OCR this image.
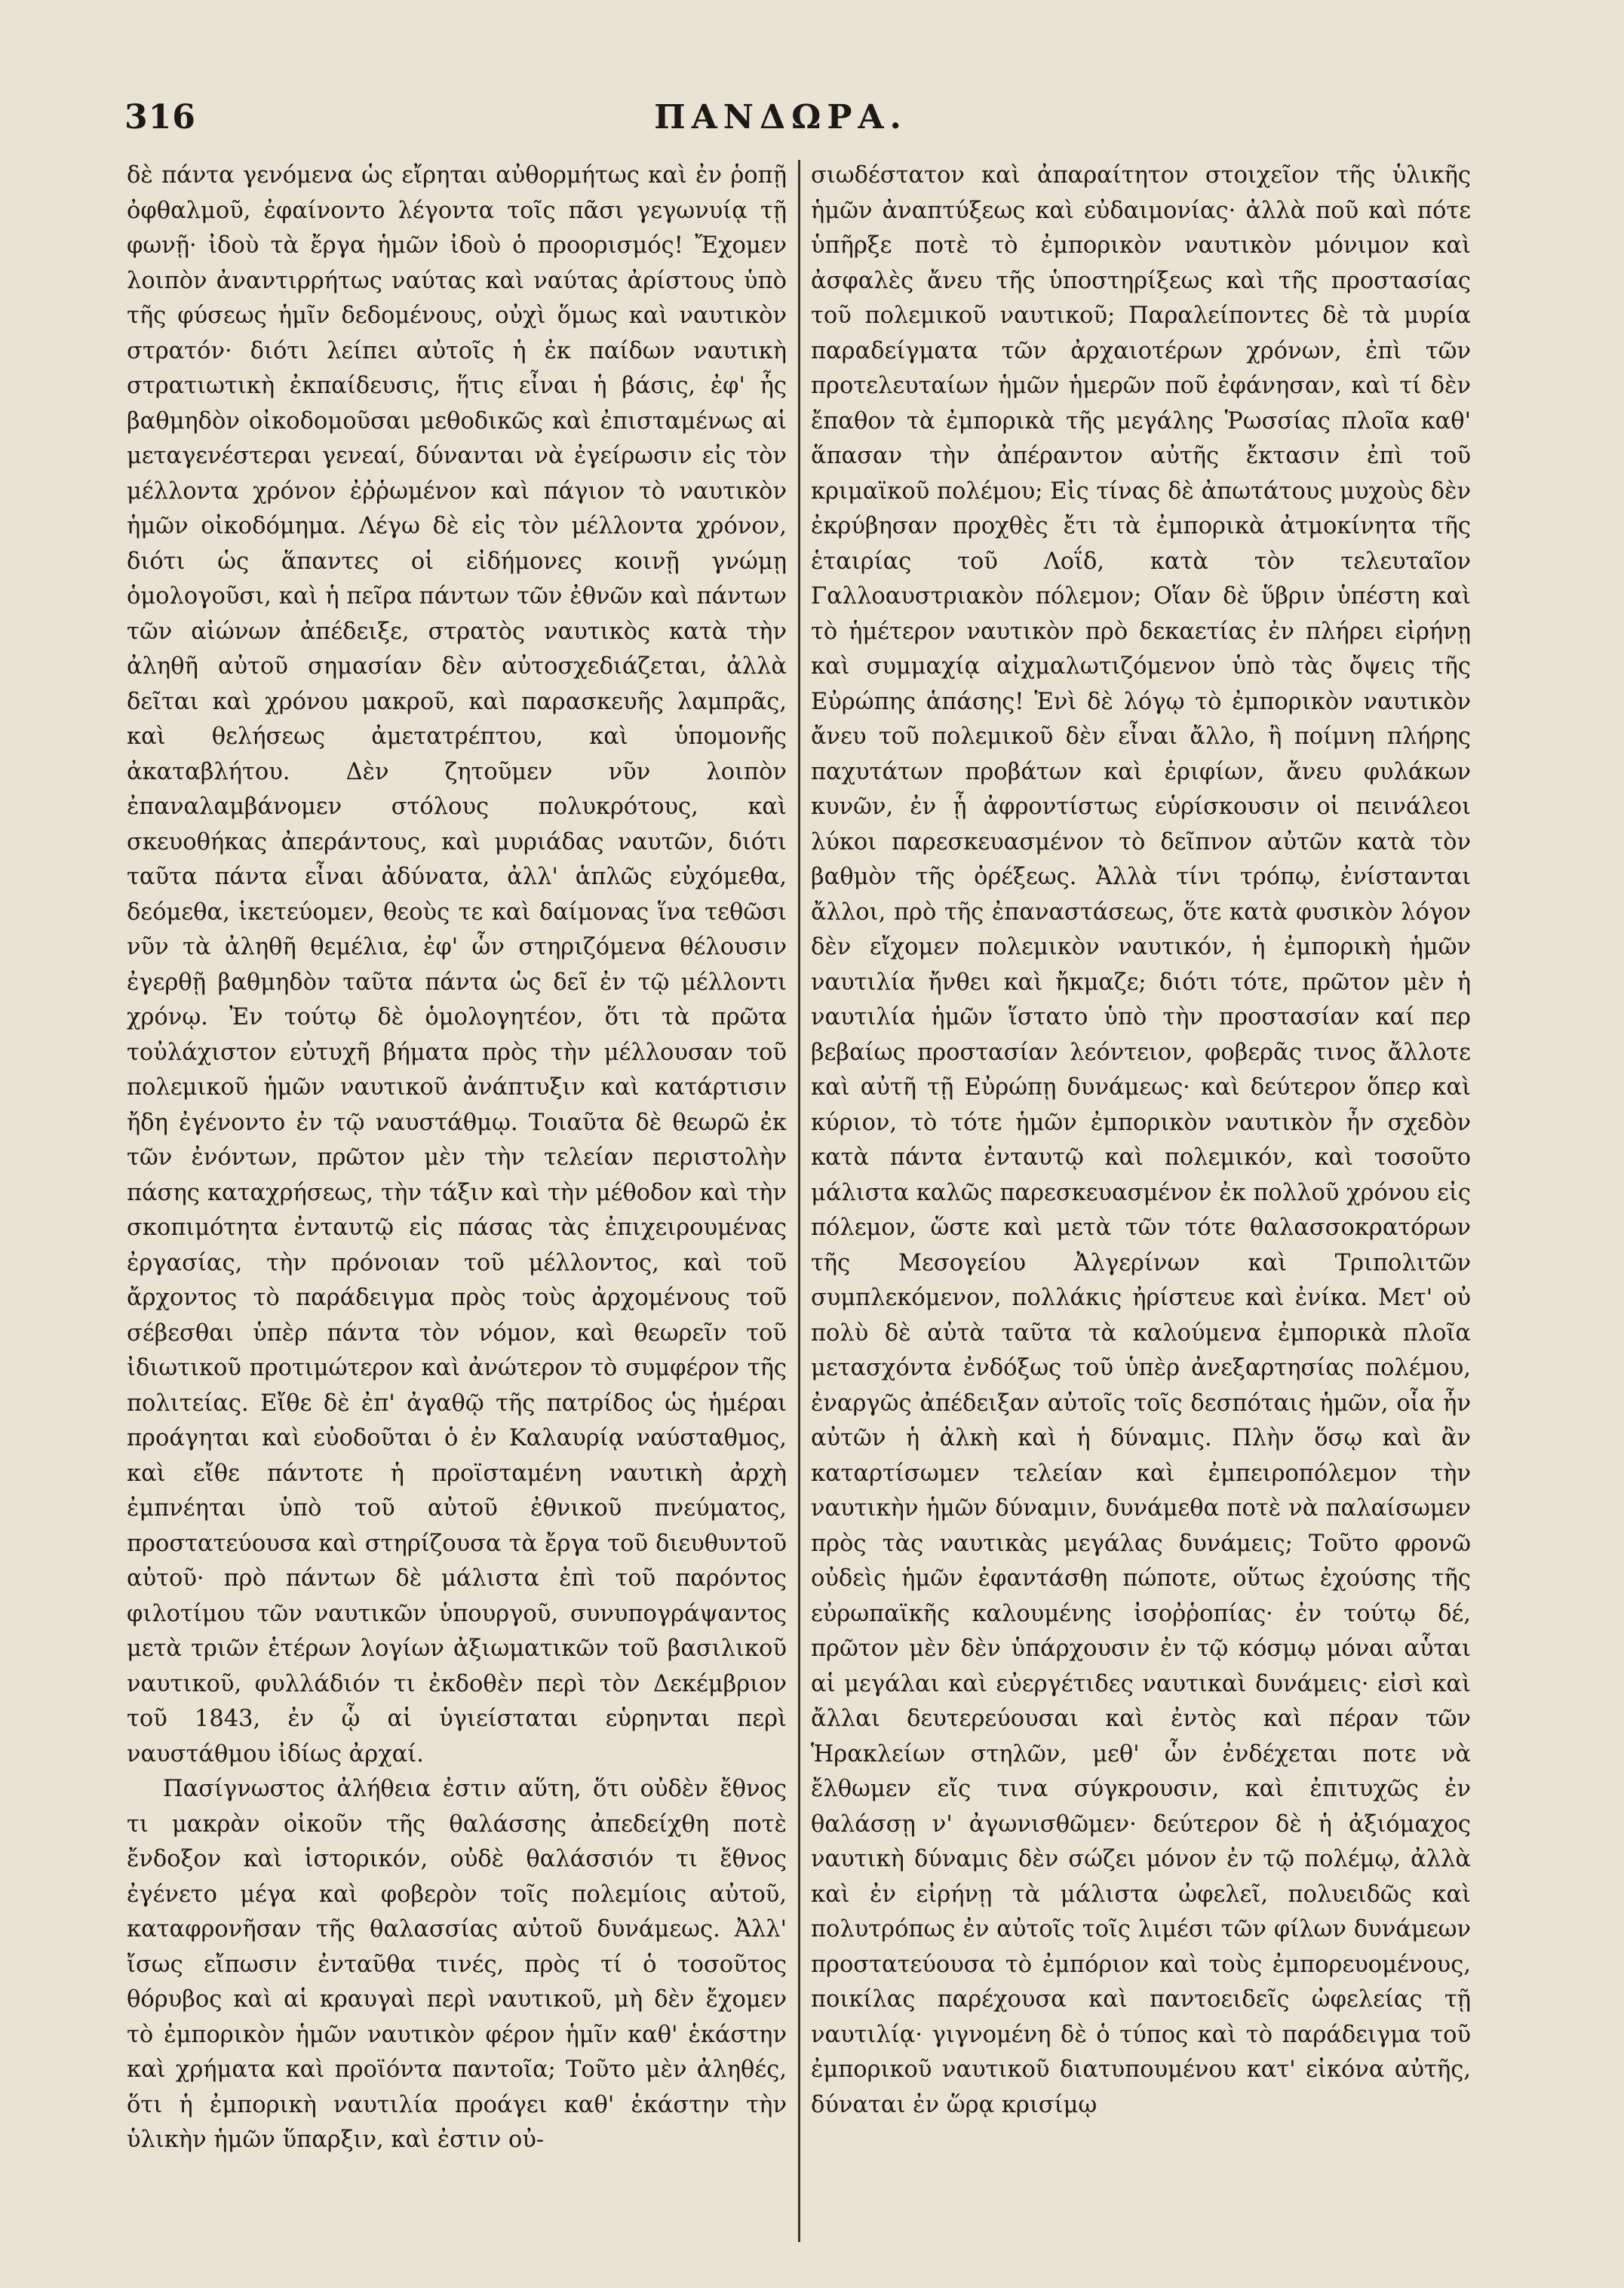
316	ΠΑΝΔΩΡΑ.

δὲ πάντα γενόμενα ὡς εἴρηται αὐθορμήτως καὶ ἐν ῥοπῇ ὀφθαλμοῦ, ἐφαίνοντο λέγοντα τοῖς πᾶσι γεγωνυίᾳ τῇ φωνῇ· ἰδοὺ τὰ ἔργα ἡμῶν ἰδοὺ ὁ προορισμός! Ἔχομεν λοιπὸν ἀναντιρρήτως ναύτας καὶ ναύτας ἀρίστους ὑπὸ τῆς φύσεως ἡμῖν δεδομένους, οὐχὶ ὅμως καὶ ναυτικὸν στρατόν· διότι λείπει αὐτοῖς ἡ ἐκ παίδων ναυτικὴ στρατιωτικὴ ἐκπαίδευσις, ἥτις εἶναι ἡ βάσις, ἐφ' ἧς βαθμηδὸν οἰκοδομοῦσαι μεθοδικῶς καὶ ἐπισταμένως αἱ μεταγενέστεραι γενεαί, δύνανται νὰ ἐγείρωσιν εἰς τὸν μέλλοντα χρόνον ἐῤῥωμένον καὶ πάγιον τὸ ναυτικὸν ἡμῶν οἰκοδόμημα. Λέγω δὲ εἰς τὸν μέλλοντα χρόνον, διότι ὡς ἅπαντες οἱ εἰδήμονες κοινῇ γνώμῃ ὁμολογοῦσι, καὶ ἡ πεῖρα πάντων τῶν ἐθνῶν καὶ πάντων τῶν αἰώνων ἀπέδειξε, στρατὸς ναυτικὸς κατὰ τὴν ἀληθῆ αὐτοῦ σημασίαν δὲν αὐτοσχεδιάζεται, ἀλλὰ δεῖται καὶ χρόνου μακροῦ, καὶ παρασκευῆς λαμπρᾶς, καὶ θελήσεως ἀμετατρέπτου, καὶ ὑπομονῆς ἀκαταβλήτου. Δὲν ζητοῦμεν νῦν λοιπὸν ἐπαναλαμβάνομεν στόλους πολυκρότους, καὶ σκευοθήκας ἀπεράντους, καὶ μυριάδας ναυτῶν, διότι ταῦτα πάντα εἶναι ἀδύνατα, ἀλλ' ἁπλῶς εὐχόμεθα, δεόμεθα, ἱκετεύομεν, θεοὺς τε καὶ δαίμονας ἵνα τεθῶσι νῦν τὰ ἀληθῆ θεμέλια, ἐφ' ὧν στηριζόμενα θέλουσιν ἐγερθῇ βαθμηδὸν ταῦτα πάντα ὡς δεῖ ἐν τῷ μέλλοντι χρόνῳ. Ἐν τούτῳ δὲ ὁμολογητέον, ὅτι τὰ πρῶτα τοὐλάχιστον εὐτυχῆ βήματα πρὸς τὴν μέλλουσαν τοῦ πολεμικοῦ ἡμῶν ναυτικοῦ ἀνάπτυξιν καὶ κατάρτισιν ἤδη ἐγένοντο ἐν τῷ ναυστάθμῳ. Τοιαῦτα δὲ θεωρῶ ἐκ τῶν ἐνόντων, πρῶτον μὲν τὴν τελείαν περιστολὴν πάσης καταχρήσεως, τὴν τάξιν καὶ τὴν μέθοδον καὶ τὴν σκοπιμότητα ἐνταυτῷ εἰς πάσας τὰς ἐπιχειρουμένας ἐργασίας, τὴν πρόνοιαν τοῦ μέλλοντος, καὶ τοῦ ἄρχοντος τὸ παράδειγμα πρὸς τοὺς ἀρχομένους τοῦ σέβεσθαι ὑπὲρ πάντα τὸν νόμον, καὶ θεωρεῖν τοῦ ἰδιωτικοῦ προτιμώτερον καὶ ἀνώτερον τὸ συμφέρον τῆς πολιτείας. Εἴθε δὲ ἐπ' ἀγαθῷ τῆς πατρίδος ὡς ἡμέραι προάγηται καὶ εὐοδοῦται ὁ ἐν Καλαυρίᾳ ναύσταθμος, καὶ εἴθε πάντοτε ἡ προϊσταμένη ναυτικὴ ἀρχὴ ἐμπνέηται ὑπὸ τοῦ αὐτοῦ ἐθνικοῦ πνεύματος, προστατεύουσα καὶ στηρίζουσα τὰ ἔργα τοῦ διευθυντοῦ αὐτοῦ· πρὸ πάντων δὲ μάλιστα ἐπὶ τοῦ παρόντος φιλοτίμου τῶν ναυτικῶν ὑπουργοῦ, συνυπογράψαντος μετὰ τριῶν ἑτέρων λογίων ἀξιωματικῶν τοῦ βασιλικοῦ ναυτικοῦ, φυλλάδιόν τι ἐκδοθὲν περὶ τὸν Δεκέμβριον τοῦ 1843, ἐν ᾧ αἱ ὑγιείσταται εὑρηνται περὶ ναυστάθμου ἰδίως ἀρχαί.

Πασίγνωστος ἀλήθεια ἐστιν αὕτη, ὅτι οὐδὲν ἔθνος τι μακρὰν οἰκοῦν τῆς θαλάσσης ἀπεδείχθη ποτὲ ἔνδοξον καὶ ἱστορικόν, οὐδὲ θαλάσσιόν τι ἔθνος ἐγένετο μέγα καὶ φοβερὸν τοῖς πολεμίοις αὐτοῦ, καταφρονῆσαν τῆς θαλασσίας αὐτοῦ δυνάμεως. Ἀλλ' ἴσως εἴπωσιν ἐνταῦθα τινές, πρὸς τί ὁ τοσοῦτος θόρυβος καὶ αἱ κραυγαὶ περὶ ναυτικοῦ, μὴ δὲν ἔχομεν τὸ ἐμπορικὸν ἡμῶν ναυτικὸν φέρον ἡμῖν καθ' ἑκάστην καὶ χρήματα καὶ προϊόντα παντοῖα; Τοῦτο μὲν ἀληθές, ὅτι ἡ ἐμπορικὴ ναυτιλία προάγει καθ' ἑκάστην τὴν ὑλικὴν ἡμῶν ὕπαρξιν, καὶ ἐστιν οὐ-

σιωδέστατον καὶ ἀπαραίτητον στοιχεῖον τῆς ὑλικῆς ἡμῶν ἀναπτύξεως καὶ εὐδαιμονίας· ἀλλὰ ποῦ καὶ πότε ὑπῆρξε ποτὲ τὸ ἐμπορικὸν ναυτικὸν μόνιμον καὶ ἀσφαλὲς ἄνευ τῆς ὑποστηρίξεως καὶ τῆς προστασίας τοῦ πολεμικοῦ ναυτικοῦ; Παραλείποντες δὲ τὰ μυρία παραδείγματα τῶν ἀρχαιοτέρων χρόνων, ἐπὶ τῶν προτελευταίων ἡμῶν ἡμερῶν ποῦ ἐφάνησαν, καὶ τί δὲν ἔπαθον τὰ ἐμπορικὰ τῆς μεγάλης Ῥωσσίας πλοῖα καθ' ἅπασαν τὴν ἀπέραντον αὐτῆς ἔκτασιν ἐπὶ τοῦ κριμαϊκοῦ πολέμου; Εἰς τίνας δὲ ἀπωτάτους μυχοὺς δὲν ἐκρύβησαν προχθὲς ἔτι τὰ ἐμπορικὰ ἀτμοκίνητα τῆς ἑταιρίας τοῦ Λοΐδ, κατὰ τὸν τελευταῖον Γαλλοαυστριακὸν πόλεμον; Οἵαν δὲ ὕβριν ὑπέστη καὶ τὸ ἡμέτερον ναυτικὸν πρὸ δεκαετίας ἐν πλήρει εἰρήνῃ καὶ συμμαχίᾳ αἰχμαλωτιζόμενον ὑπὸ τὰς ὄψεις τῆς Εὐρώπης ἁπάσης! Ἑνὶ δὲ λόγῳ τὸ ἐμπορικὸν ναυτικὸν ἄνευ τοῦ πολεμικοῦ δὲν εἶναι ἄλλο, ἢ ποίμνη πλήρης παχυτάτων προβάτων καὶ ἐριφίων, ἄνευ φυλάκων κυνῶν, ἐν ᾗ ἀφροντίστως εὑρίσκουσιν οἱ πεινάλεοι λύκοι παρεσκευασμένον τὸ δεῖπνον αὐτῶν κατὰ τὸν βαθμὸν τῆς ὀρέξεως. Ἀλλὰ τίνι τρόπῳ, ἐνίστανται ἄλλοι, πρὸ τῆς ἐπαναστάσεως, ὅτε κατὰ φυσικὸν λόγον δὲν εἴχομεν πολεμικὸν ναυτικόν, ἡ ἐμπορικὴ ἡμῶν ναυτιλία ἤνθει καὶ ἤκμαζε; διότι τότε, πρῶτον μὲν ἡ ναυτιλία ἡμῶν ἵστατο ὑπὸ τὴν προστασίαν καί περ βεβαίως προστασίαν λεόντειον, φοβερᾶς τινος ἄλλοτε καὶ αὐτῆ τῇ Εὐρώπῃ δυνάμεως· καὶ δεύτερον ὅπερ καὶ κύριον, τὸ τότε ἡμῶν ἐμπορικὸν ναυτικὸν ἦν σχεδὸν κατὰ πάντα ἐνταυτῷ καὶ πολεμικόν, καὶ τοσοῦτο μάλιστα καλῶς παρεσκευασμένον ἐκ πολλοῦ χρόνου εἰς πόλεμον, ὥστε καὶ μετὰ τῶν τότε θαλασσοκρατόρων τῆς Μεσογείου Ἀλγερίνων καὶ Τριπολιτῶν συμπλεκόμενον, πολλάκις ἠρίστευε καὶ ἐνίκα. Μετ' οὐ πολὺ δὲ αὐτὰ ταῦτα τὰ καλούμενα ἐμπορικὰ πλοῖα μετασχόντα ἐνδόξως τοῦ ὑπὲρ ἀνεξαρτησίας πολέμου, ἐναργῶς ἀπέδειξαν αὐτοῖς τοῖς δεσπόταις ἡμῶν, οἷα ἦν αὐτῶν ἡ ἀλκὴ καὶ ἡ δύναμις. Πλὴν ὅσῳ καὶ ἂν καταρτίσωμεν τελείαν καὶ ἐμπειροπόλεμον τὴν ναυτικὴν ἡμῶν δύναμιν, δυνάμεθα ποτὲ νὰ παλαίσωμεν πρὸς τὰς ναυτικὰς μεγάλας δυνάμεις; Τοῦτο φρονῶ οὐδεὶς ἡμῶν ἐφαντάσθη πώποτε, οὕτως ἐχούσης τῆς εὐρωπαϊκῆς καλουμένης ἰσοῤῥοπίας· ἐν τούτῳ δέ, πρῶτον μὲν δὲν ὑπάρχουσιν ἐν τῷ κόσμῳ μόναι αὗται αἱ μεγάλαι καὶ εὐεργέτιδες ναυτικαὶ δυνάμεις· εἰσὶ καὶ ἄλλαι δευτερεύουσαι καὶ ἐντὸς καὶ πέραν τῶν Ἡρακλείων στηλῶν, μεθ' ὧν ἐνδέχεται ποτε νὰ ἔλθωμεν εἴς τινα σύγκρουσιν, καὶ ἐπιτυχῶς ἐν θαλάσσῃ ν' ἀγωνισθῶμεν· δεύτερον δὲ ἡ ἀξιόμαχος ναυτικὴ δύναμις δὲν σώζει μόνον ἐν τῷ πολέμῳ, ἀλλὰ καὶ ἐν εἰρήνῃ τὰ μάλιστα ὠφελεῖ, πολυειδῶς καὶ πολυτρόπως ἐν αὐτοῖς τοῖς λιμέσι τῶν φίλων δυνάμεων προστατεύουσα τὸ ἐμπόριον καὶ τοὺς ἐμπορευομένους, ποικίλας παρέχουσα καὶ παντοειδεῖς ὠφελείας τῇ ναυτιλίᾳ· γιγνομένη δὲ ὁ τύπος καὶ τὸ παράδειγμα τοῦ ἐμπορικοῦ ναυτικοῦ διατυπουμένου κατ' εἰκόνα αὐτῆς, δύναται ἐν ὥρᾳ κρισίμῳ
